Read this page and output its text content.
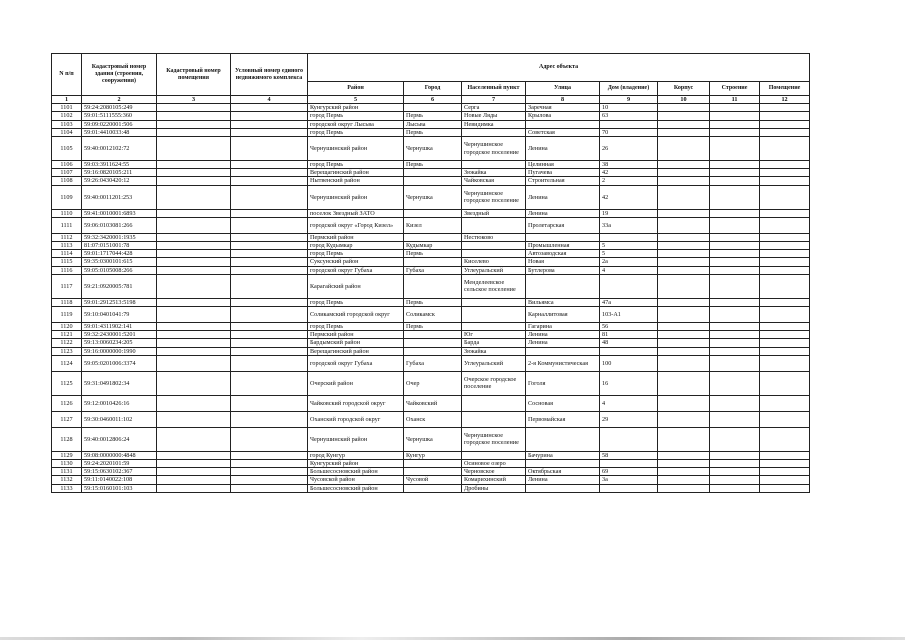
N п/п	Кадастровый номер здания (строения, сооружения)	Кадастровый номер помещения	Условный номер единого недвижимого комплекса	Адрес объекта							
				Район	Город	Населенный пункт	Улица	Дом (владение)	Корпус	Строение	Помещение
1	2	3	4	5	6	7	8	9	10	11	12
1101	59:24:2080105:249			Кунгурский район		Серга	Заречная	10			
1102	59:01:5111555:360			город Пермь	Пермь	Новые Ляды	Крылова	63			
1103	59:09:0220001:506			городской округ Лысьва	Лысьва	Невидимка					
1104	59:01:4410033:48			город Пермь	Пермь		Советская	70			
1105	59:40:0012102:72			Чернушинский район	Чернушка	Чернушинское городское поселение	Ленина	26			
1106	59:03:3911624:55			город Пермь	Пермь		Целинная	38			
1107	59:16:0820105:211			Верещагинский район		Зюкайка	Пугачева	42			
1108	59:26:0430420:12			Нытвенский район		Чайковская	Строительная	2			
1109	59:40:0011201:253			Чернушинский район	Чернушка	Чернушинское городское поселение	Ленина	42			
1110	59:41:0010001:6893			поселок Звездный ЗАТО		Звездный	Ленина	19			
1111	59:06:0103081:266			городской округ «Город Кизел»	Кизел		Пролетарская	33а			
1112	59:32:3420001:1935			Пермский район		Нестюково					
1113	81:07:0151001:78			город Кудымкар	Кудымкар		Промышленная	5			
1114	59:01:1717044:428			город Пермь	Пермь		Автозаводская	5			
1115	59:35:0300101:615			Суксунский район		Киселево	Новая	2а			
1116	59:05:0105008:266			городской округ Губаха	Губаха	Углеуральский	Бутлерова	4			
1117	59:21:0920005:781			Карагайский район		Менделеевское сельское поселение					
1118	59:01:2912513:5198			город Пермь	Пермь		Вильямса	47а			
1119	59:10:0401041:79			Соликамский городской округ	Соликамск		Карналлитовая	103-А1			
1120	59:01:4311902:141			город Пермь	Пермь		Гагарина	56			
1121	59:32:2430001:5201			Пермский район		Юг	Ленина	81			
1122	59:13:0060234:205			Бардымский район		Барда	Ленина	48			
1123	59:16:0000000:1990			Верещагинский район		Зюкайка					
1124	59:05:0201006:3374			городской округ Губаха	Губаха	Углеуральский	2-я Коммунистическая	100			
1125	59:31:0491802:34			Очерский район	Очер	Очерское городское поселение	Гоголя	16			
1126	59:12:0010426:16			Чайковский городской округ	Чайковский		Сосновая	4			
1127	59:30:0460011:102			Оханский городской округ	Оханск		Первомайская	29			
1128	59:40:0012806:24			Чернушинский район	Чернушка	Чернушинское городское поселение					
1129	59:08:0000000:4848			город Кунгур	Кунгур		Бачурина	58			
1130	59:24:2020101:59			Кунгурский район		Осиновое озеро					
1131	59:15:0630102:367			Большесосновский район		Черновское	Октябрьская	69			
1132	59:11:0140022:108			Чусовской район	Чусовой	Комарихинский	Ленина	3а			
1133	59:15:0160101:103			Большесосновский район		Дробины					
